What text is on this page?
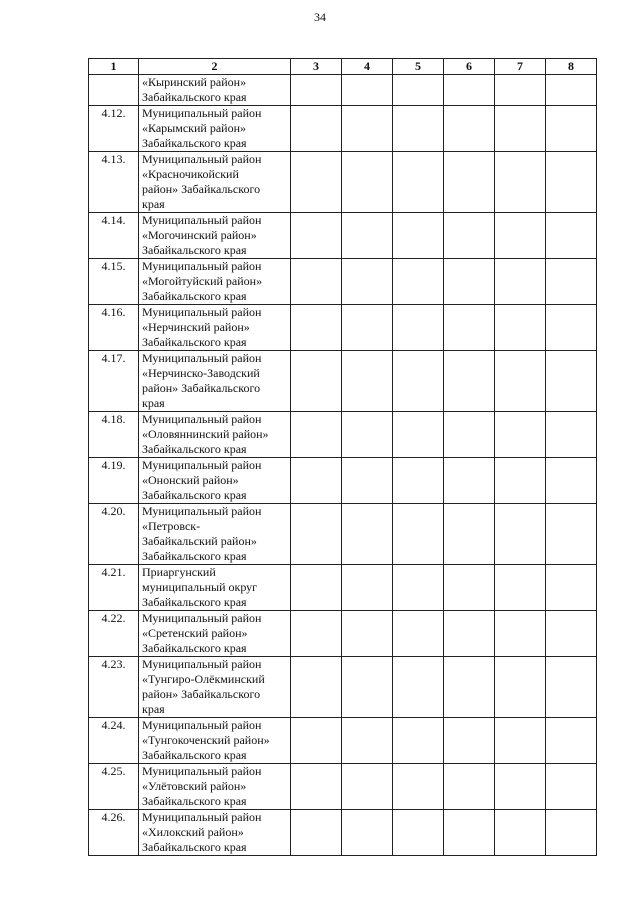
34
1	2	3	4	5	6	7	8
	«Кыринский район»
Забайкальского края						
4.12.	Муниципальный район
«Карымский район»
Забайкальского края						
4.13.	Муниципальный район
«Красночикойский
район» Забайкальского
края						
4.14.	Муниципальный район
«Могочинский район»
Забайкальского края						
4.15.	Муниципальный район
«Могойтуйский район»
Забайкальского края						
4.16.	Муниципальный район
«Нерчинский район»
Забайкальского края						
4.17.	Муниципальный район
«Нерчинско-Заводский
район» Забайкальского
края						
4.18.	Муниципальный район
«Оловяннинский район»
Забайкальского края						
4.19.	Муниципальный район
«Ононский район»
Забайкальского края						
4.20.	Муниципальный район
«Петровск-
Забайкальский район»
Забайкальского края						
4.21.	Приаргунский
муниципальный округ
Забайкальского края						
4.22.	Муниципальный район
«Сретенский район»
Забайкальского края						
4.23.	Муниципальный район
«Тунгиро-Олёкминский
район» Забайкальского
края						
4.24.	Муниципальный район
«Тунгокоченский район»
Забайкальского края						
4.25.	Муниципальный район
«Улётовский район»
Забайкальского края						
4.26.	Муниципальный район
«Хилокский район»
Забайкальского края						
